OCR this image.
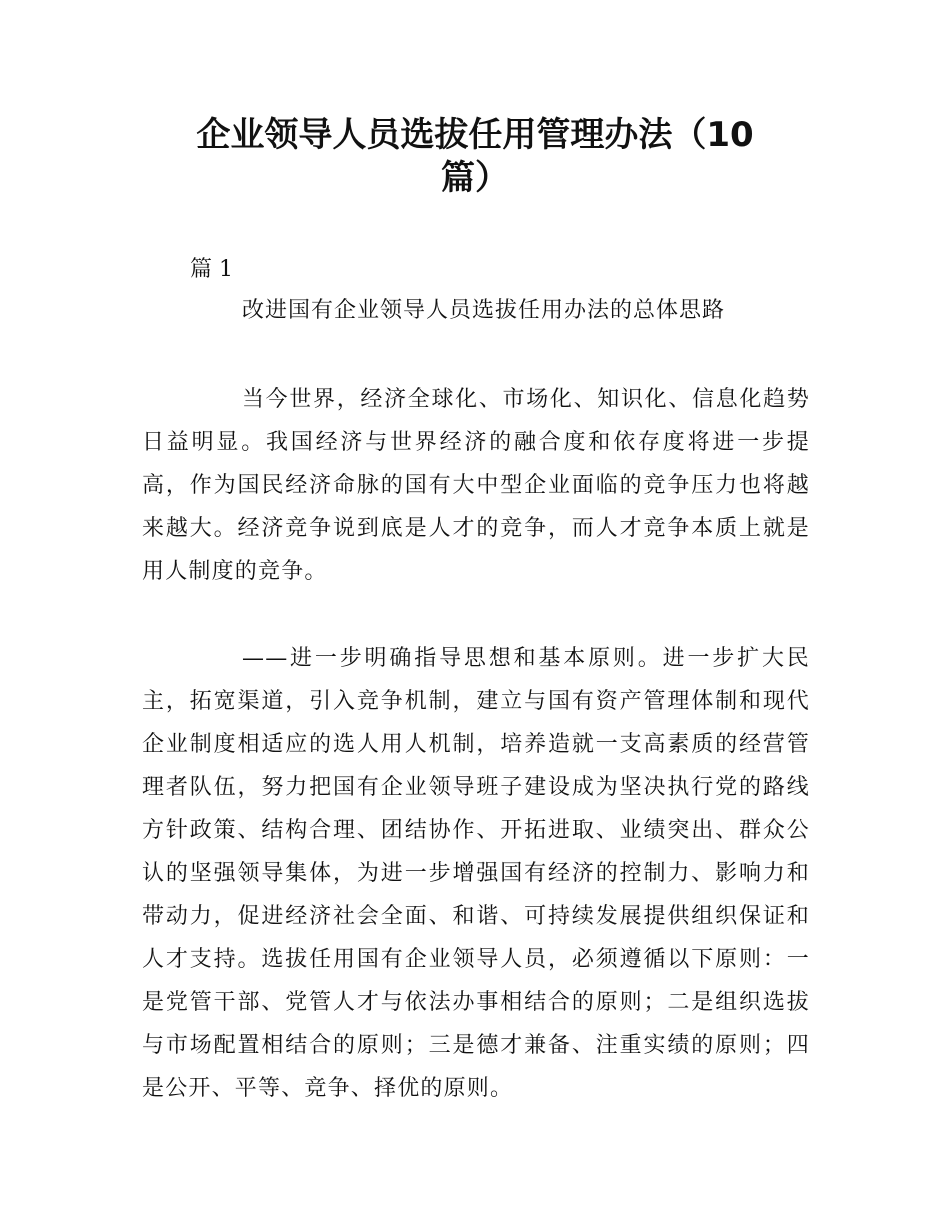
企业领导人员选拔任用管理办法（10
篇）
篇 1
改进国有企业领导人员选拔任用办法的总体思路

当今世界，经济全球化、市场化、知识化、信息化趋势日益明显。我国经济与世界经济的融合度和依存度将进一步提高，作为国民经济命脉的国有大中型企业面临的竞争压力也将越来越大。经济竞争说到底是人才的竞争，而人才竞争本质上就是用人制度的竞争。

——进一步明确指导思想和基本原则。进一步扩大民主，拓宽渠道，引入竞争机制，建立与国有资产管理体制和现代企业制度相适应的选人用人机制，培养造就一支高素质的经营管理者队伍，努力把国有企业领导班子建设成为坚决执行党的路线方针政策、结构合理、团结协作、开拓进取、业绩突出、群众公认的坚强领导集体，为进一步增强国有经济的控制力、影响力和带动力，促进经济社会全面、和谐、可持续发展提供组织保证和人才支持。选拔任用国有企业领导人员，必须遵循以下原则：一是党管干部、党管人才与依法办事相结合的原则；二是组织选拔与市场配置相结合的原则；三是德才兼备、注重实绩的原则；四是公开、平等、竞争、择优的原则。
